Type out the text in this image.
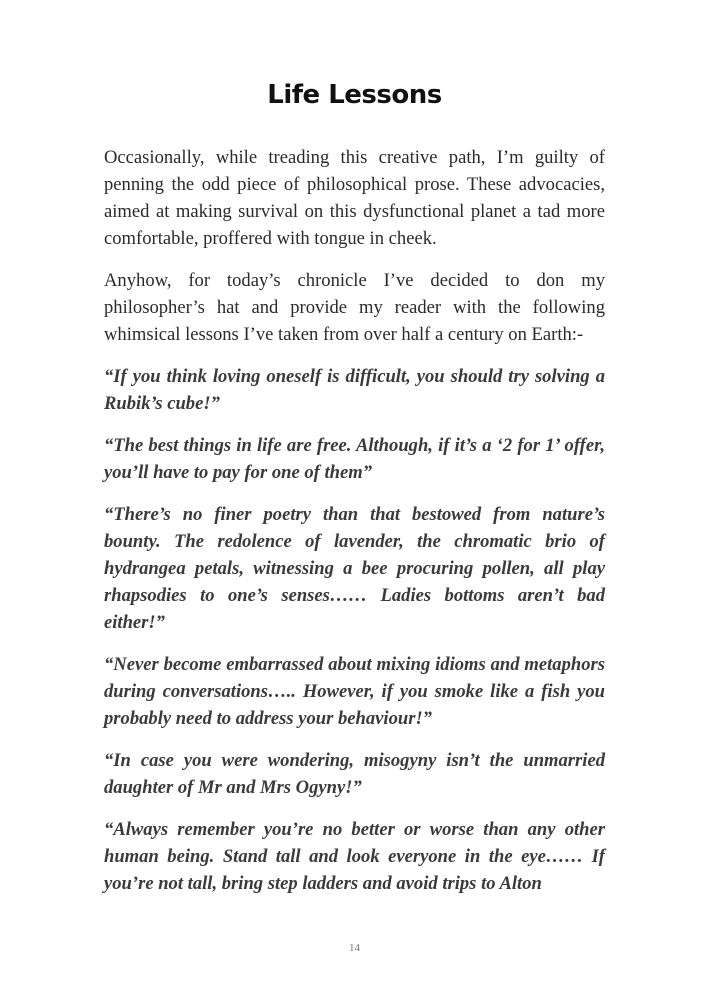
Life Lessons

Occasionally, while treading this creative path, I’m guilty of penning the odd piece of philosophical prose. These advocacies, aimed at making survival on this dysfunctional planet a tad more comfortable, proffered with tongue in cheek.

Anyhow, for today’s chronicle I’ve decided to don my philosopher’s hat and provide my reader with the following whimsical lessons I’ve taken from over half a century on Earth:-

“If you think loving oneself is difficult, you should try solving a Rubik’s cube!”

“The best things in life are free. Although, if it’s a ‘2 for 1’ offer, you’ll have to pay for one of them”

“There’s no finer poetry than that bestowed from nature’s bounty. The redolence of lavender, the chromatic brio of hydrangea petals, witnessing a bee procuring pollen, all play rhapsodies to one’s senses…… Ladies bottoms aren’t bad either!”

“Never become embarrassed about mixing idioms and metaphors during conversations….. However, if you smoke like a fish you probably need to address your behaviour!”

“In case you were wondering, misogyny isn’t the unmarried daughter of Mr and Mrs Ogyny!”

“Always remember you’re no better or worse than any other human being. Stand tall and look everyone in the eye…… If you’re not tall, bring step ladders and avoid trips to Alton

14
